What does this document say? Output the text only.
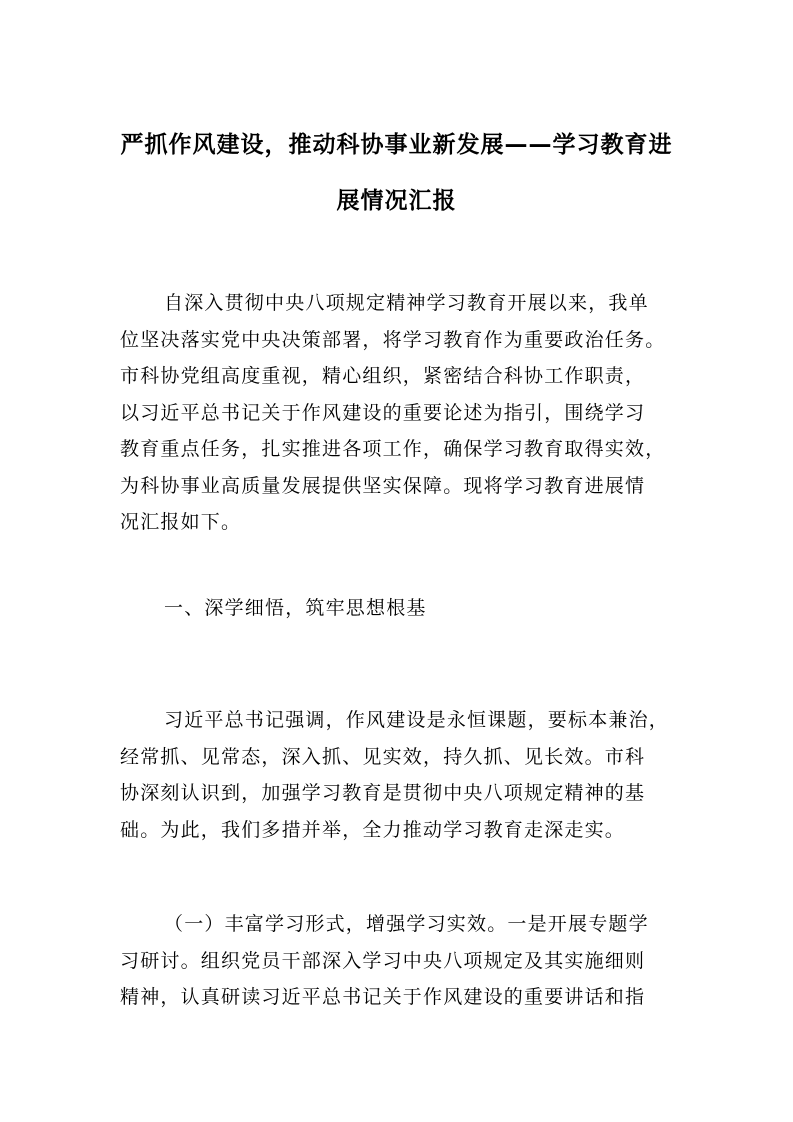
严抓作风建设，推动科协事业新发展——学习教育进
展情况汇报
自深入贯彻中央八项规定精神学习教育开展以来，我单
位坚决落实党中央决策部署，将学习教育作为重要政治任务。
市科协党组高度重视，精心组织，紧密结合科协工作职责，
以习近平总书记关于作风建设的重要论述为指引，围绕学习
教育重点任务，扎实推进各项工作，确保学习教育取得实效，
为科协事业高质量发展提供坚实保障。现将学习教育进展情
况汇报如下。
一、深学细悟，筑牢思想根基
习近平总书记强调，作风建设是永恒课题，要标本兼治，
经常抓、见常态，深入抓、见实效，持久抓、见长效。市科
协深刻认识到，加强学习教育是贯彻中央八项规定精神的基
础。为此，我们多措并举，全力推动学习教育走深走实。
（一）丰富学习形式，增强学习实效。一是开展专题学
习研讨。组织党员干部深入学习中央八项规定及其实施细则
精神，认真研读习近平总书记关于作风建设的重要讲话和指
